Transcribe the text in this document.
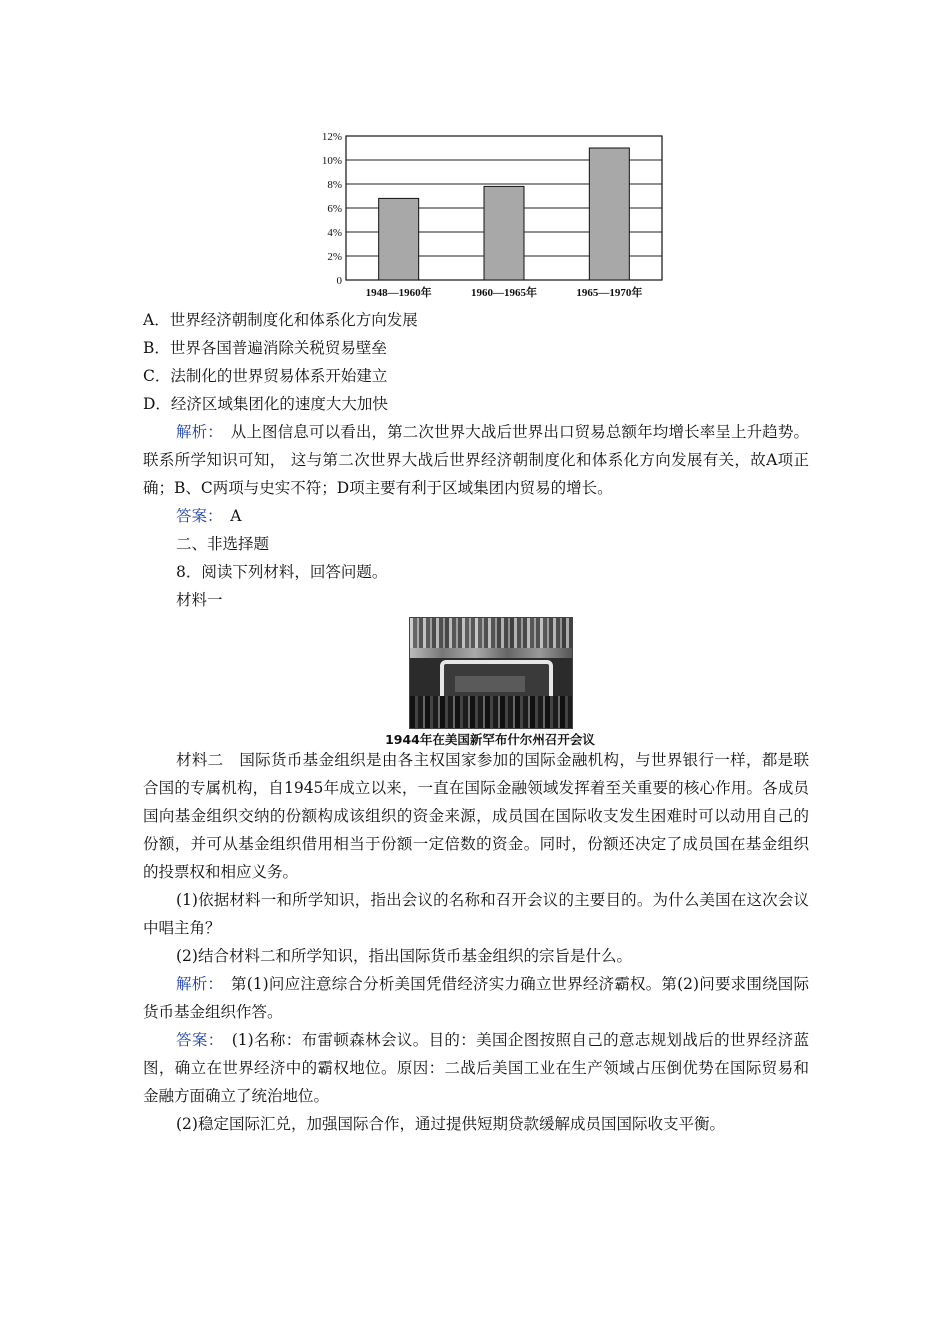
0
2%
4%
6%
8%
10%
12%
1948—1960年	1960—1965年	1965—1970年
A．世界经济朝制度化和体系化方向发展
B．世界各国普遍消除关税贸易壁垒
C．法制化的世界贸易体系开始建立
D．经济区域集团化的速度大大加快
解析：　从上图信息可以看出，第二次世界大战后世界出口贸易总额年均增长率呈上升趋势。联系所学知识可知， 这与第二次世界大战后世界经济朝制度化和体系化方向发展有关，故A项正确；B、C两项与史实不符；D项主要有利于区域集团内贸易的增长。
答案：　A
二、非选择题
8．阅读下列材料，回答问题。
材料一
1944年在美国新罕布什尔州召开会议
材料二　国际货币基金组织是由各主权国家参加的国际金融机构，与世界银行一样，都是联合国的专属机构，自1945年成立以来，一直在国际金融领域发挥着至关重要的核心作用。各成员国向基金组织交纳的份额构成该组织的资金来源，成员国在国际收支发生困难时可以动用自己的份额，并可从基金组织借用相当于份额一定倍数的资金。同时，份额还决定了成员国在基金组织的投票权和相应义务。
(1)依据材料一和所学知识，指出会议的名称和召开会议的主要目的。为什么美国在这次会议中唱主角？
(2)结合材料二和所学知识，指出国际货币基金组织的宗旨是什么。
解析：　第(1)问应注意综合分析美国凭借经济实力确立世界经济霸权。第(2)问要求围绕国际货币基金组织作答。
答案：　(1)名称：布雷顿森林会议。目的：美国企图按照自己的意志规划战后的世界经济蓝图，确立在世界经济中的霸权地位。原因：二战后美国工业在生产领域占压倒优势在国际贸易和金融方面确立了统治地位。
(2)稳定国际汇兑，加强国际合作，通过提供短期贷款缓解成员国国际收支平衡。
